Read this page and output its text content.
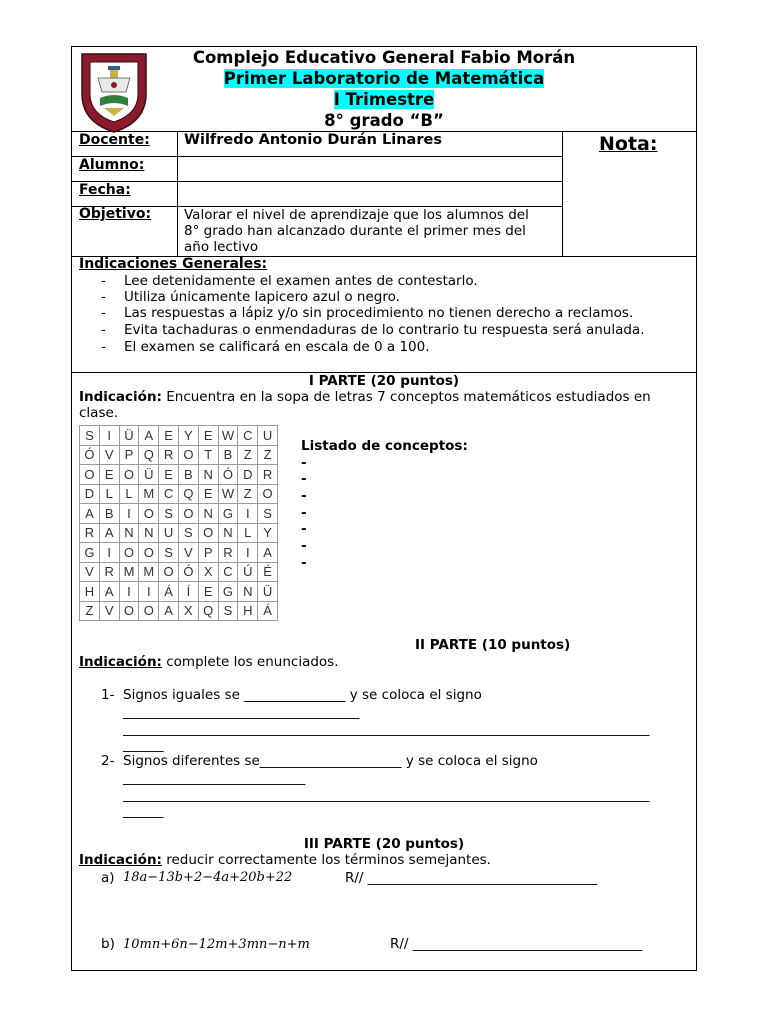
Complejo Educativo General Fabio Morán
Primer Laboratorio de Matemática
I Trimestre
8° grado “B”
Docente: Wilfredo Antonio Durán Linares
Alumno:
Fecha:
Objetivo: Valorar el nivel de aprendizaje que los alumnos del
8° grado han alcanzado durante el primer mes del
año lectivo
Nota:
Indicaciones Generales:
- Lee detenidamente el examen antes de contestarlo.
- Utiliza únicamente lapicero azul o negro.
- Las respuestas a lápiz y/o sin procedimiento no tienen derecho a reclamos.
- Evita tachaduras o enmendaduras de lo contrario tu respuesta será anulada.
- El examen se calificará en escala de 0 a 100.
I PARTE (20 puntos)
Indicación: Encuentra en la sopa de letras 7 conceptos matemáticos estudiados en
clase.
S	I	Ü	A	E	Y	E	W	C	U
Ó	V	P	Q	R	O	T	B	Z	Z
O	E	O	Ü	E	B	N	Ó	D	R
D	L	L	M	C	Q	E	W	Z	O
A	B	I	O	S	O	N	G	I	S
R	A	N	N	U	S	O	N	L	Y
G	I	O	O	S	V	P	R	I	A
V	R	M	M	O	Ó	X	C	Ú	É
H	A	I	I	Á	Í	E	G	N	Ü
Z	V	O	O	A	X	Q	S	H	Á
Listado de conceptos:
-
-
-
-
-
-
-
II PARTE (10 puntos)
Indicación: complete los enunciados.
1- Signos iguales se _______________ y se coloca el signo
___________________________________
______________________________________________________________________________
______
2- Signos diferentes se_____________________ y se coloca el signo
___________________________
______________________________________________________________________________
______
III PARTE (20 puntos)
Indicación: reducir correctamente los términos semejantes.
a) 18a−13b+2−4a+20b+22	R// __________________________________
b) 10mn+6n−12m+3mn−n+m	R// __________________________________
